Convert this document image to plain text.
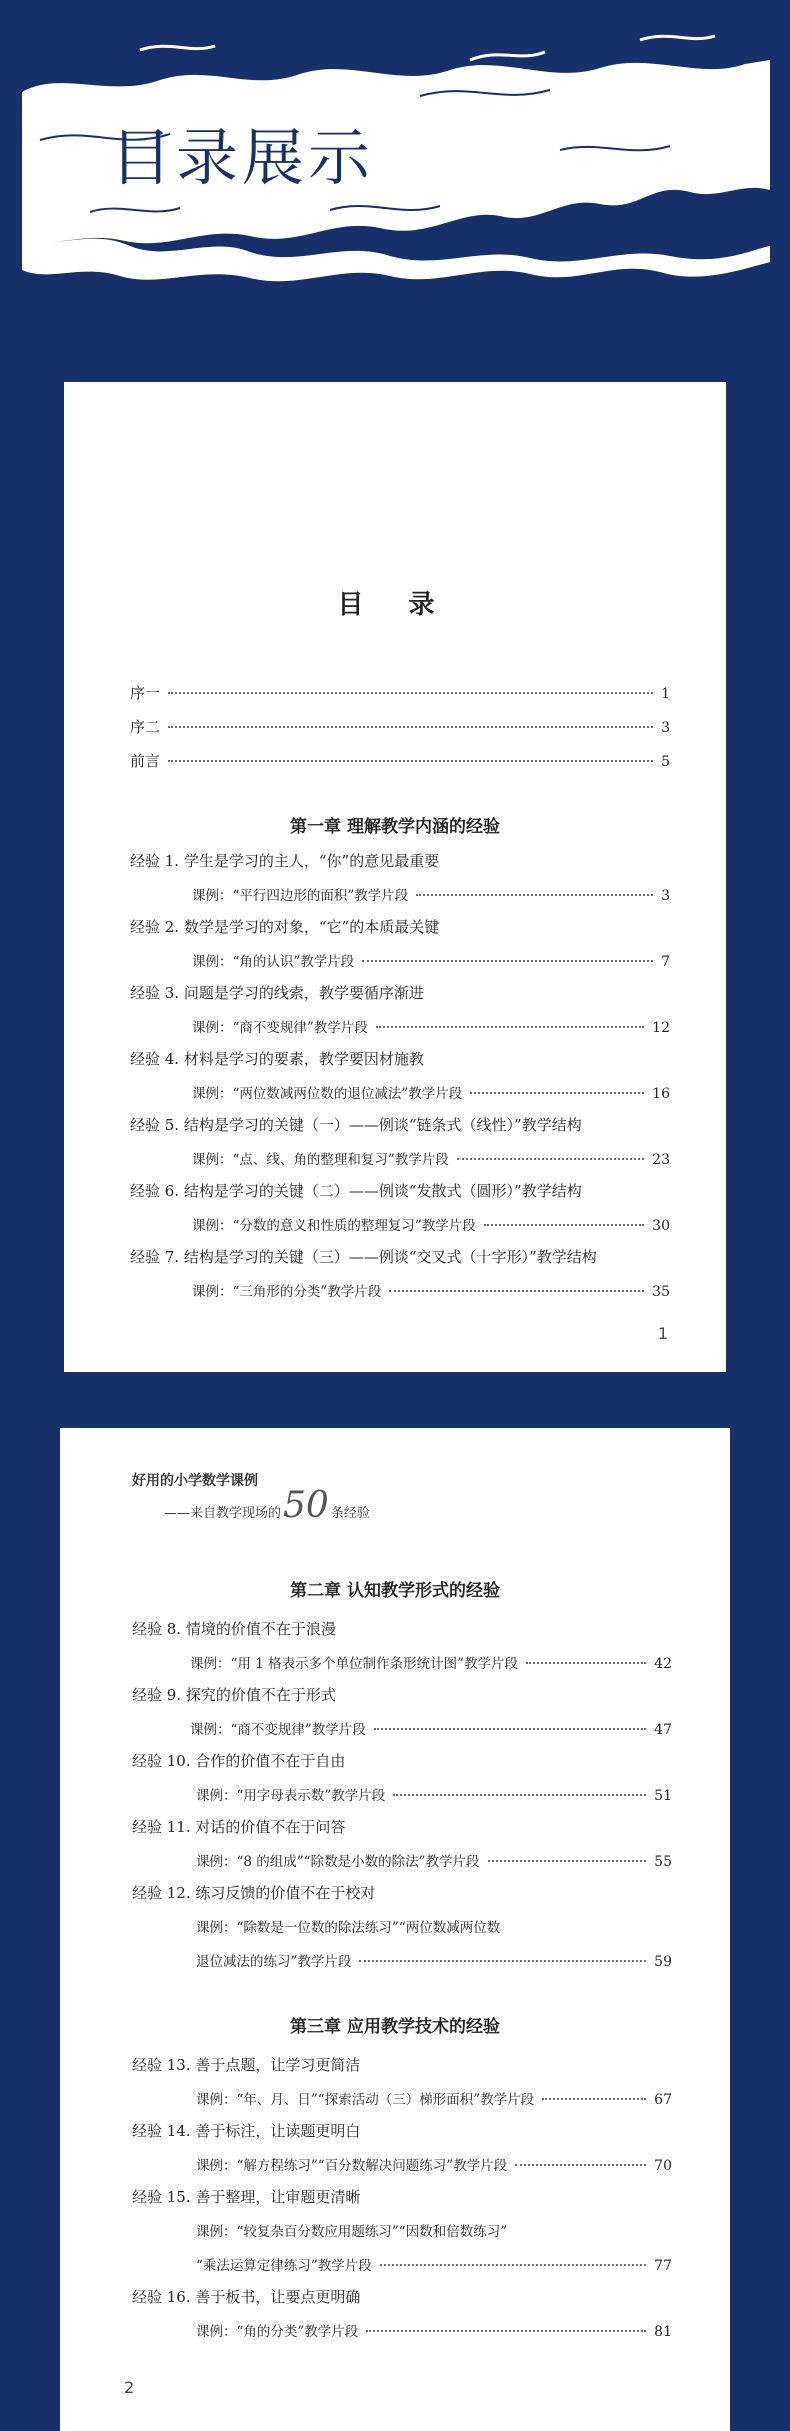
目录展示
目 录
序一	1
序二	3
前言	5
第一章 理解教学内涵的经验
经验 1. 学生是学习的主人，“你”的意见最重要
课例：“平行四边形的面积”教学片段	3
经验 2. 数学是学习的对象，“它”的本质最关键
课例：“角的认识”教学片段	7
经验 3. 问题是学习的线索，教学要循序渐进
课例：“商不变规律”教学片段	12
经验 4. 材料是学习的要素，教学要因材施教
课例：“两位数减两位数的退位减法”教学片段	16
经验 5. 结构是学习的关键（一）——例谈“链条式（线性）”教学结构
课例：“点、线、角的整理和复习”教学片段	23
经验 6. 结构是学习的关键（二）——例谈“发散式（圆形）”教学结构
课例：“分数的意义和性质的整理复习”教学片段	30
经验 7. 结构是学习的关键（三）——例谈“交叉式（十字形）”教学结构
课例：“三角形的分类”教学片段	35
1
好用的小学数学课例
——来自教学现场的 50 条经验
第二章 认知教学形式的经验
经验 8. 情境的价值不在于浪漫
课例：“用 1 格表示多个单位制作条形统计图”教学片段	42
经验 9. 探究的价值不在于形式
课例：“商不变规律”教学片段	47
经验 10. 合作的价值不在于自由
课例：“用字母表示数”教学片段	51
经验 11. 对话的价值不在于问答
课例：“8 的组成”“除数是小数的除法”教学片段	55
经验 12. 练习反馈的价值不在于校对
课例：“除数是一位数的除法练习”“两位数减两位数
退位减法的练习”教学片段	59
第三章 应用教学技术的经验
经验 13. 善于点题，让学习更简洁
课例：“年、月、日”“探索活动（三）梯形面积”教学片段	67
经验 14. 善于标注，让读题更明白
课例：“解方程练习”“百分数解决问题练习”教学片段	70
经验 15. 善于整理，让审题更清晰
课例：“较复杂百分数应用题练习”“因数和倍数练习”
“乘法运算定律练习”教学片段	77
经验 16. 善于板书，让要点更明确
课例：“角的分类”教学片段	81
2
